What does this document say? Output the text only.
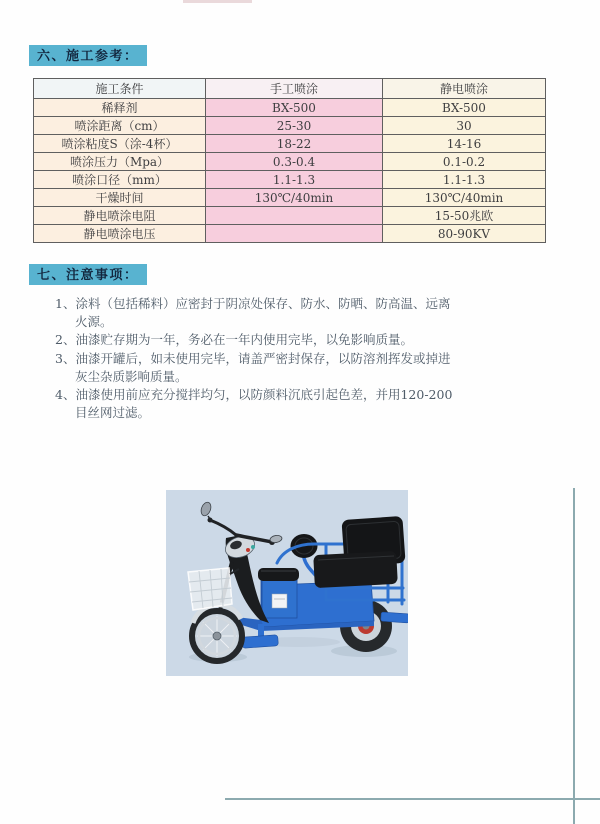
六、施工参考：
施工条件	手工喷涂	静电喷涂
稀释剂	BX-500	BX-500
喷涂距离（cm）	25-30	30
喷涂粘度S（涂-4杯）	18-22	14-16
喷涂压力（Mpa）	0.3-0.4	0.1-0.2
喷涂口径（mm）	1.1-1.3	1.1-1.3
干燥时间	130℃/40min	130℃/40min
静电喷涂电阻		15-50兆欧
静电喷涂电压		80-90KV
七、注意事项：
1、涂料（包括稀料）应密封于阴凉处保存、防水、防晒、防高温、远离
火源。
2、油漆贮存期为一年，务必在一年内使用完毕，以免影响质量。
3、油漆开罐后，如未使用完毕，请盖严密封保存，以防溶剂挥发或掉进
灰尘杂质影响质量。
4、油漆使用前应充分搅拌均匀，以防颜料沉底引起色差，并用120-200
目丝网过滤。
